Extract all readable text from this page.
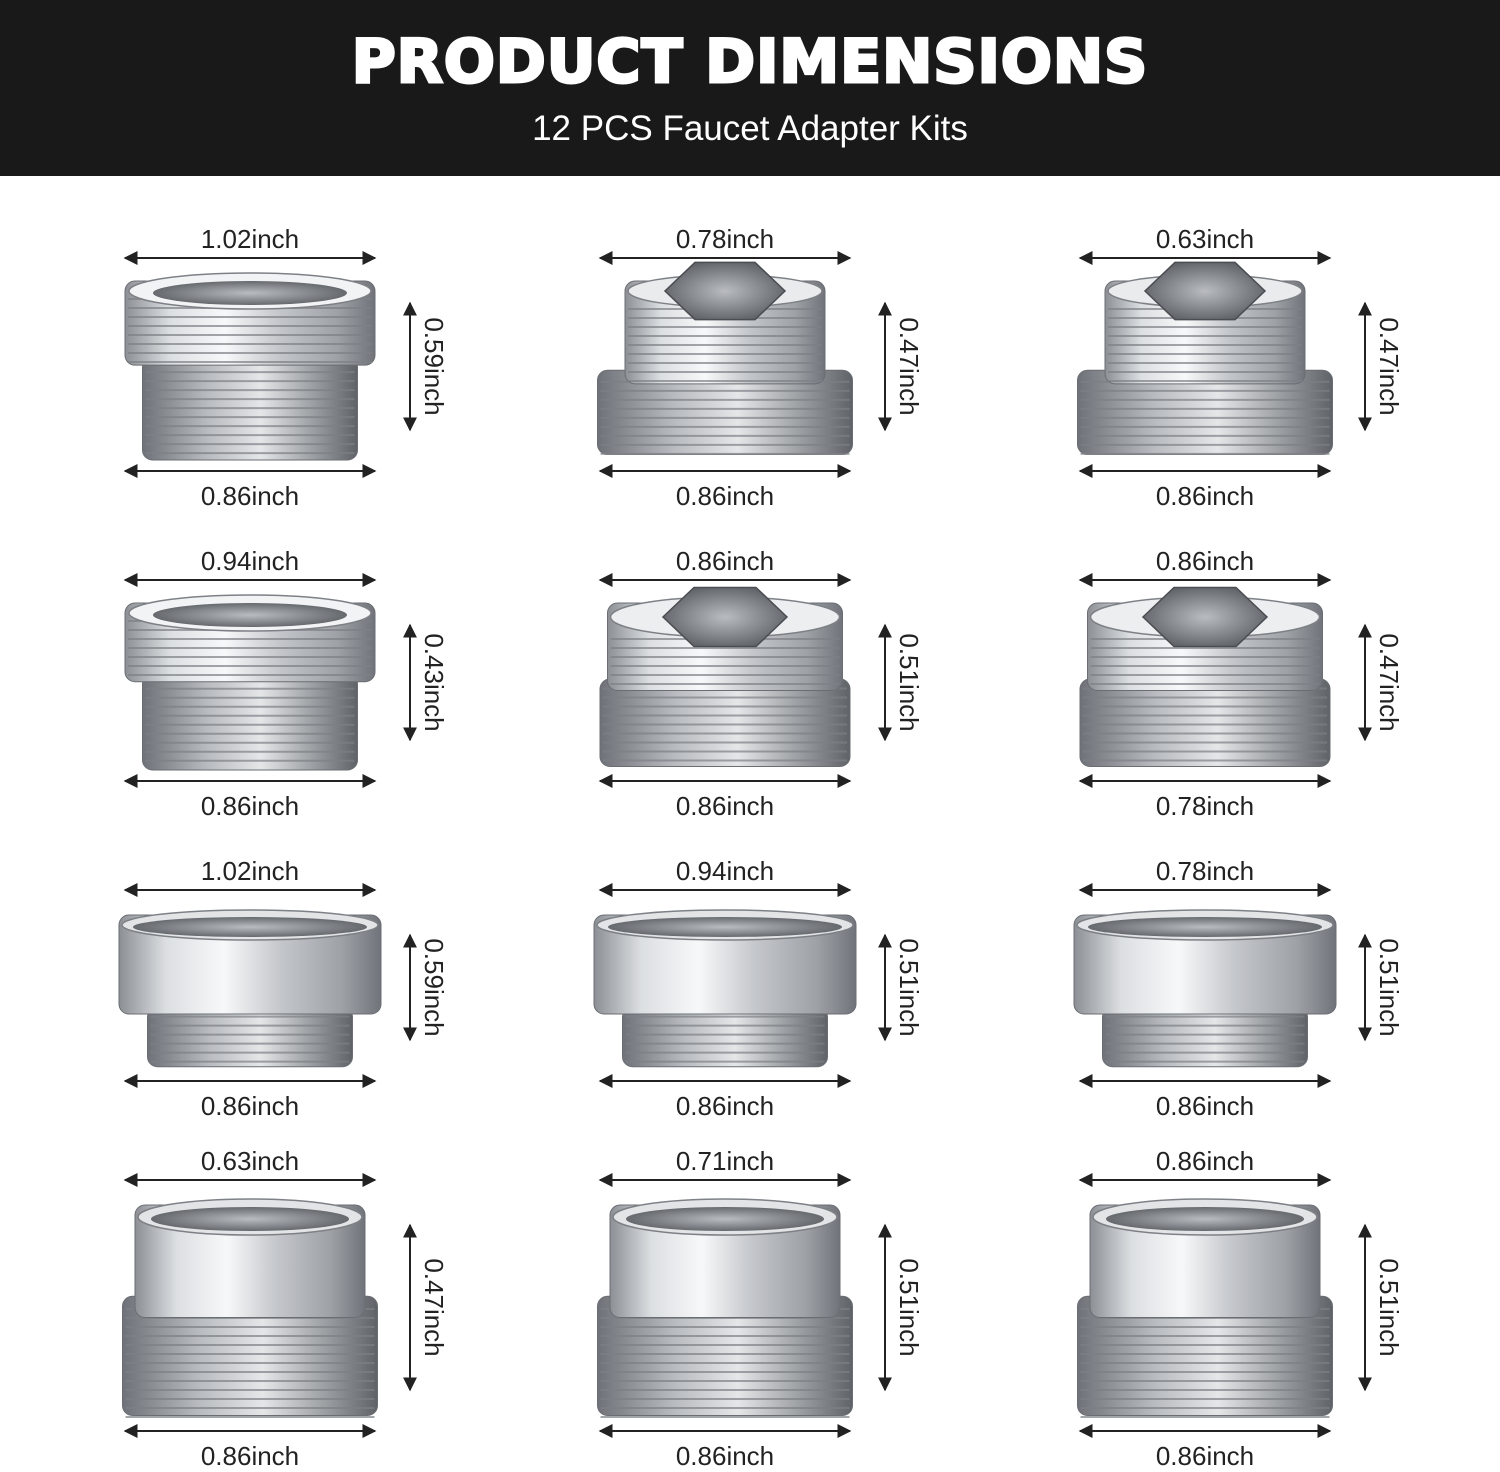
PRODUCT DIMENSIONS
12 PCS Faucet Adapter Kits
1.02inch
0.86inch
0.59inch
0.78inch
0.86inch
0.47inch
0.63inch
0.86inch
0.47inch
0.94inch
0.86inch
0.43inch
0.86inch
0.86inch
0.51inch
0.86inch
0.78inch
0.47inch
1.02inch
0.86inch
0.59inch
0.94inch
0.86inch
0.51inch
0.78inch
0.86inch
0.51inch
0.63inch
0.86inch
0.47inch
0.71inch
0.86inch
0.51inch
0.86inch
0.86inch
0.51inch
